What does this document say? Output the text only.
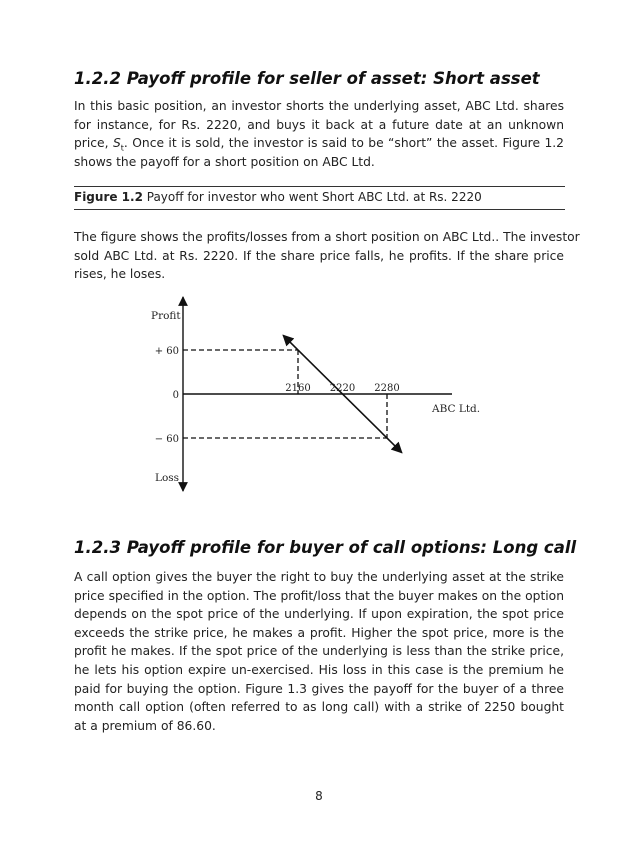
1.2.2 Payoff profile for seller of asset: Short asset
In this basic position, an investor shorts the underlying asset, ABC Ltd. shares
for instance, for Rs. 2220, and buys it back at a future date at an unknown
price, $S_t$. Once it is sold, the investor is said to be “short” the asset. Figure 1.2
shows the payoff for a short position on ABC Ltd.
Figure 1.2 Payoff for investor who went Short ABC Ltd. at Rs. 2220
The figure shows the profits/losses from a short position on ABC Ltd.. The investor
sold ABC Ltd. at Rs. 2220. If the share price falls, he profits. If the share price
rises, he loses.
Profit
Loss
ABC Ltd.
+ 60
0
− 60
2160 2220 2280
1.2.3 Payoff profile for buyer of call options: Long call
A call option gives the buyer the right to buy the underlying asset at the strike
price specified in the option. The profit/loss that the buyer makes on the option
depends on the spot price of the underlying. If upon expiration, the spot price
exceeds the strike price, he makes a profit. Higher the spot price, more is the
profit he makes. If the spot price of the underlying is less than the strike price,
he lets his option expire un-exercised. His loss in this case is the premium he
paid for buying the option. Figure 1.3 gives the payoff for the buyer of a three
month call option (often referred to as long call) with a strike of 2250 bought
at a premium of 86.60.
8
